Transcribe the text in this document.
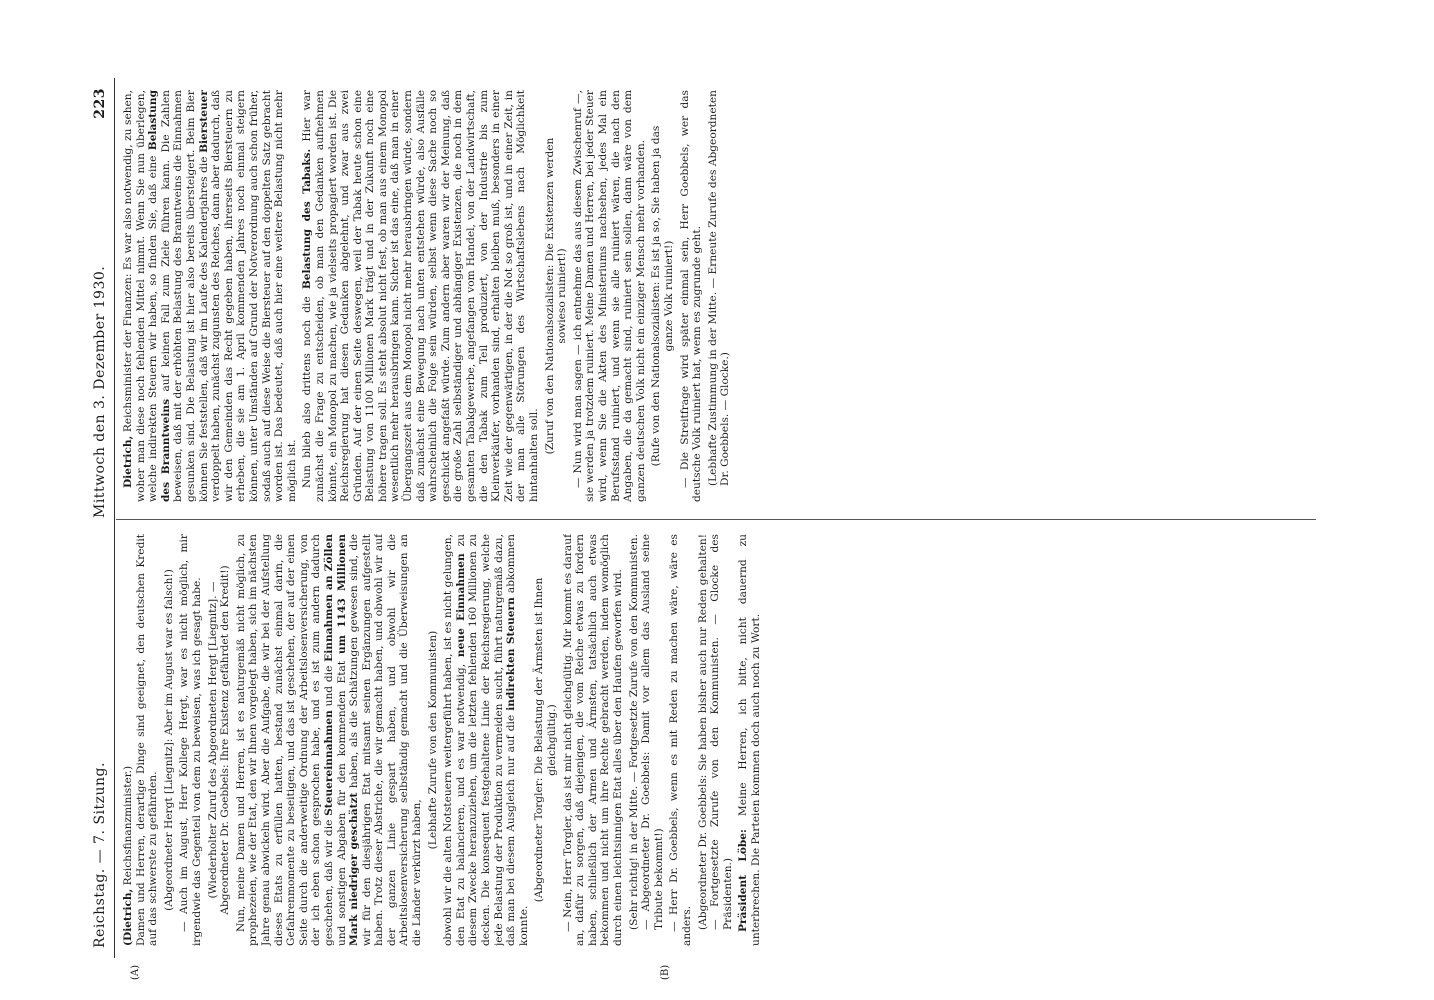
Reichstag. — 7. Sitzung.
Mittwoch den 3. Dezember 1930.
223
(A)	(B)

(Dietrich, Reichsfinanzminister.)
Damen und Herren, derartige Dinge sind geeignet, den deutschen Kredit auf das schwerste zu gefährden. (Abgeordneter Hergt [Liegnitz]: Aber im August war es falsch!) — Auch im August, Herr Kollege Hergt, war es nicht möglich, mir irgendwie das Gegenteil von dem zu beweisen, was ich gesagt habe. (Wiederholter Zuruf des Abgeordneten Hergt [Liegnitz]. — Abgeordneter Dr. Goebbels: Ihre Existenz gefährdet den Kredit!) Nun, meine Damen und Herren, ist es naturgemäß nicht möglich, zu prophezeien, wie der Etat, den wir Ihnen vorgelegt haben, sich im nächsten Jahre genau abwickeln wird. Aber die Aufgabe, die wir bei der Aufstellung dieses Etats zu erfüllen hatten, bestand zunächst einmal darin, die Gefahrenmomente zu beseitigen, und das ist geschehen, der auf der einen Seite durch die anderweitige Ordnung der Arbeitslosenversicherung, von der ich eben schon gesprochen habe, und es ist zum andern dadurch geschehen, daß wir die Steuereinnahmen und die Einnahmen an Zöllen und sonstigen Abgaben für den kommenden Etat um 1143 Millionen Mark niedriger geschätzt haben, als die Schätzungen gewesen sind, die wir für den diesjährigen Etat mitsamt seinen Ergänzungen aufgestellt haben. Trotz dieser Abstriche, die wir gemacht haben, und obwohl wir auf der ganzen Linie gespart haben, und obwohl wir die Arbeitslosenversicherung selbständig gemacht und die Überweisungen an die Länder verkürzt haben,

(Lebhafte Zurufe von den Kommunisten) obwohl wir die alten Notsteuern weitergeführt haben, ist es nicht gelungen, den Etat zu balancieren, und es war notwendig, neue Einnahmen zu diesem Zwecke heranzuziehen, um die letzten fehlenden 160 Millionen zu decken. Die konsequent festgehaltene Linie der Reichsregierung, welche jede Belastung der Produktion zu vermeiden sucht, führt naturgemäß dazu, daß man bei diesem Ausgleich nur auf die indirekten Steuern abkommen konnte.

(Abgeordneter Torgler: Die Belastung der Ärmsten ist Ihnen gleichgültig.) — Nein, Herr Torgler, das ist mir nicht gleichgültig. Mir kommt es darauf an, dafür zu sorgen, daß diejenigen, die vom Reiche etwas zu fordern haben, schließlich der Armen und Ärmsten, tatsächlich auch etwas bekommen und nicht um ihre Rechte gebracht werden, indem womöglich durch einen leichtsinnigen Etat alles über den Haufen geworfen wird. (Sehr richtig! in der Mitte. — Fortgesetzte Zurufe von den Kommunisten. — Abgeordneter Dr. Goebbels: Damit vor allem das Ausland seine Tribute bekommt!) — Herr Dr. Goebbels, wenn es mit Reden zu machen wäre, wäre es anders. (Abgeordneter Dr. Goebbels: Sie haben bisher auch nur Reden gehalten! — Fortgesetzte Zurufe von den Kommunisten. — Glocke des Präsidenten.) Präsident Löbe: Meine Herren, ich bitte, nicht dauernd zu unterbrechen. Die Parteien kommen doch auch noch zu Wort.

Dietrich, Reichsminister der Finanzen: Es war also notwendig, zu sehen, woher man diese noch fehlenden Mittel nimmt. Wenn Sie nun überlegen, welche indirekten Steuern wir haben, so finden Sie, daß eine Belastung des Branntweins auf keinen Fall zum Ziele führen kann. Die Zahlen beweisen, daß mit der erhöhten Belastung des Branntweins die Einnahmen gesunken sind. Die Belastung ist hier also bereits übersteigert. Beim Bier können Sie feststellen, daß wir im Laufe des Kalenderjahres die Biersteuer verdoppelt haben, zunächst zugunsten des Reiches, dann aber dadurch, daß wir den Gemeinden das Recht gegeben haben, ihrerseits Biersteuern zu erheben, die sie am 1. April kommenden Jahres noch einmal steigern können, unter Umständen auf Grund der Notverordnung auch schon früher, sodaß auch auf diese Weise die Biersteuer auf den doppelten Satz gebracht worden ist. Das bedeutet, daß auch hier eine weitere Belastung nicht mehr möglich ist. Nun blieb also drittens noch die Belastung des Tabaks. Hier war zunächst die Frage zu entscheiden, ob man den Gedanken aufnehmen könnte, ein Monopol zu machen, wie ja vielseits propagiert worden ist. Die Reichsregierung hat diesen Gedanken abgelehnt, und zwar aus zwei Gründen. Auf der einen Seite deswegen, weil der Tabak heute schon eine Belastung von 1100 Millionen Mark trägt und in der Zukunft noch eine höhere tragen soll. Es steht absolut nicht fest, ob man aus einem Monopol wesentlich mehr herausbringen kann. Sicher ist das eine, daß man in einer Übergangszeit aus dem Monopol nicht mehr herausbringen würde, sondern daß zunächst eine Bewegung nach unten entstehen würde, also Ausfälle wahrscheinlich die Folge sein würden, selbst wenn diese Sache noch so geschickt angefaßt würde. Zum andern aber waren wir der Meinung, daß die große Zahl selbständiger und abhängiger Existenzen, die noch in dem gesamten Tabakgewerbe, angefangen vom Handel, von der Landwirtschaft, die den Tabak zum Teil produziert, von der Industrie bis zum Kleinverkäufer, vorhanden sind, erhalten bleiben muß, besonders in einer Zeit wie der gegenwärtigen, in der die Not so groß ist, und in einer Zeit, in der man alle Störungen des Wirtschaftslebens nach Möglichkeit hintanhalten soll.

(Zuruf von den Nationalsozialisten: Die Existenzen werden sowieso ruiniert!) — Nun wird man sagen — ich entnehme das aus diesem Zwischenruf —, sie werden ja trotzdem ruiniert. Meine Damen und Herren, bei jeder Steuer wird, wenn Sie die Akten des Ministeriums nachsehen, jedes Mal ein Berufsstand ruiniert, und wenn sie alle ruiniert wären, die nach den Angaben, die da gemacht sind, ruiniert sein sollen, dann wäre von dem ganzen deutschen Volk nicht ein einziger Mensch mehr vorhanden. (Rufe von den Nationalsozialisten: Es ist ja so, Sie haben ja das ganze Volk ruiniert!) — Die Streitfrage wird später einmal sein, Herr Goebbels, wer das deutsche Volk ruiniert hat, wenn es zugrunde geht. (Lebhafte Zustimmung in der Mitte. — Erneute Zurufe des Abgeordneten Dr. Goebbels. — Glocke.)
